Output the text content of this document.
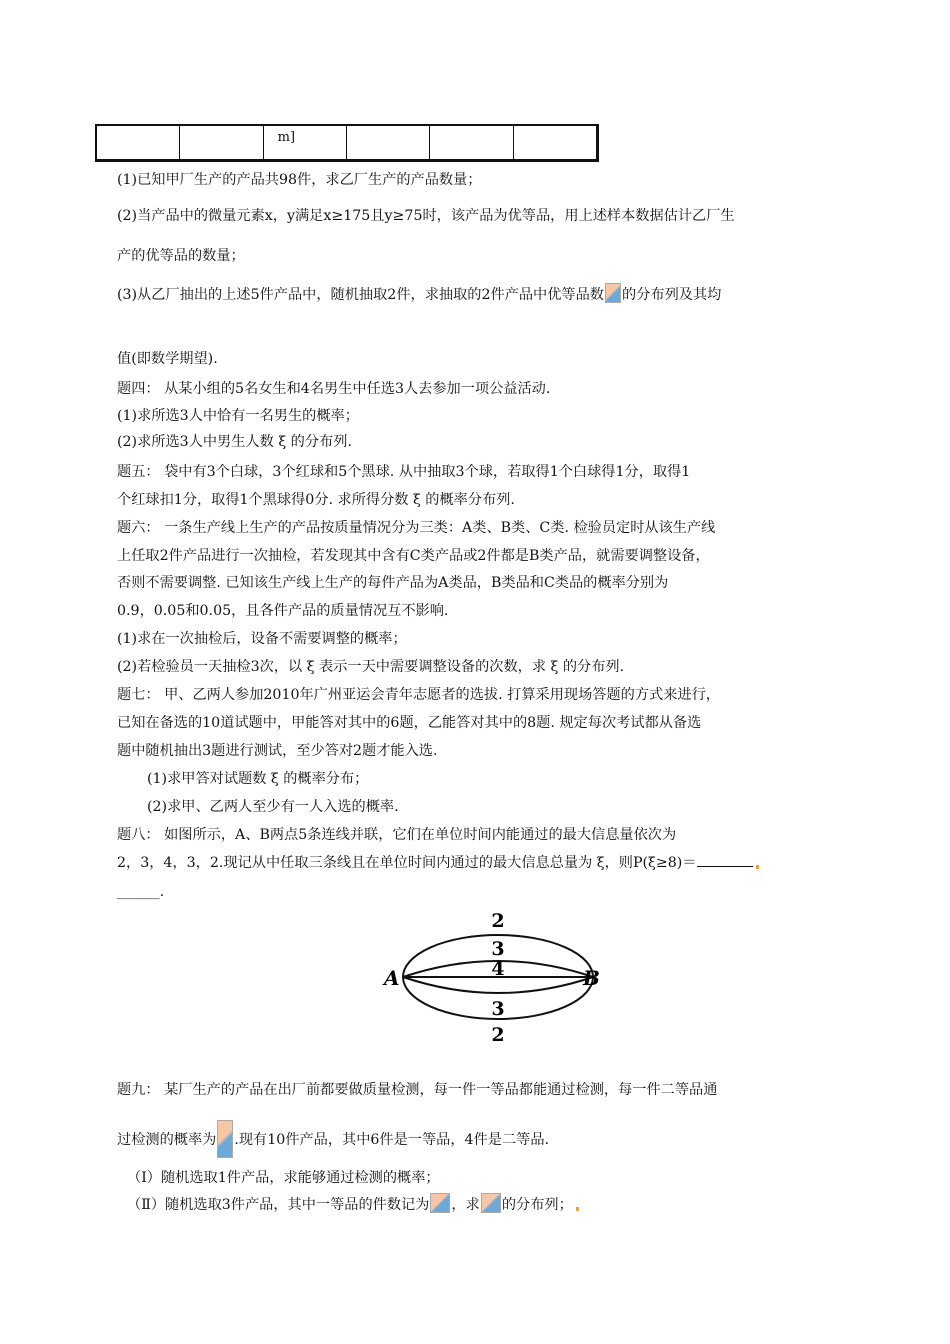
m]
(1)已知甲厂生产的产品共98件，求乙厂生产的产品数量；
(2)当产品中的微量元素x，y满足x≥175且y≥75时，该产品为优等品，用上述样本数据估计乙厂生
产的优等品的数量；
(3)从乙厂抽出的上述5件产品中，随机抽取2件，求抽取的2件产品中优等品数 的分布列及其均
值(即数学期望).
题四： 从某小组的5名女生和4名男生中任选3人去参加一项公益活动.
(1)求所选3人中恰有一名男生的概率；
(2)求所选3人中男生人数 ξ 的分布列.
题五： 袋中有3个白球，3个红球和5个黑球. 从中抽取3个球，若取得1个白球得1分，取得1
个红球扣1分，取得1个黑球得0分. 求所得分数 ξ 的概率分布列.
题六： 一条生产线上生产的产品按质量情况分为三类：A类、B类、C类. 检验员定时从该生产线
上任取2件产品进行一次抽检，若发现其中含有C类产品或2件都是B类产品，就需要调整设备，
否则不需要调整. 已知该生产线上生产的每件产品为A类品，B类品和C类品的概率分别为
0.9，0.05和0.05，且各件产品的质量情况互不影响.
(1)求在一次抽检后，设备不需要调整的概率；
(2)若检验员一天抽检3次，以 ξ 表示一天中需要调整设备的次数，求 ξ 的分布列.
题七： 甲、乙两人参加2010年广州亚运会青年志愿者的选拔. 打算采用现场答题的方式来进行，
已知在备选的10道试题中，甲能答对其中的6题，乙能答对其中的8题. 规定每次考试都从备选
题中随机抽出3题进行测试，至少答对2题才能入选.
(1)求甲答对试题数 ξ 的概率分布；
(2)求甲、乙两人至少有一人入选的概率.
题八： 如图所示，A、B两点5条连线并联，它们在单位时间内能通过的最大信息量依次为
2，3，4，3，2.现记从中任取三条线且在单位时间内通过的最大信息总量为 ξ，则P(ξ≥8)＝
______.
A	B
2
3
4
3
2
题九： 某厂生产的产品在出厂前都要做质量检测，每一件一等品都能通过检测，每一件二等品通
过检测的概率为 .现有10件产品，其中6件是一等品，4件是二等品.
（Ⅰ）随机选取1件产品，求能够通过检测的概率；
（Ⅱ）随机选取3件产品，其中一等品的件数记为 ，求 的分布列；
